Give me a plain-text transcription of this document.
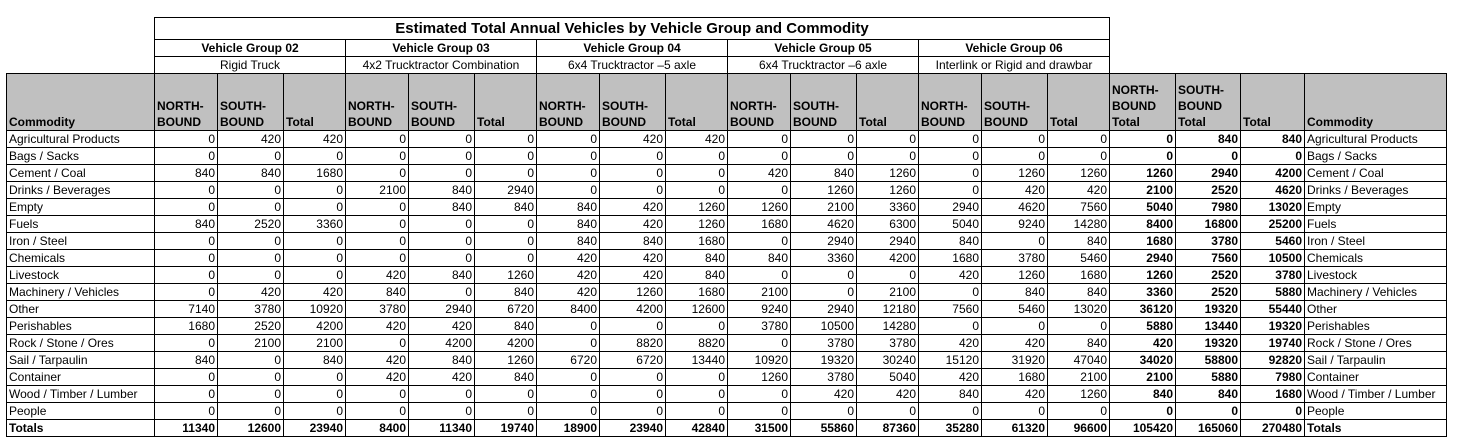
	Estimated Total Annual Vehicles by Vehicle Group and Commodity																		
	Vehicle Group 02			Vehicle Group 03			Vehicle Group 04			Vehicle Group 05			Vehicle Group 06						
	Rigid Truck			4x2 Trucktractor Combination			6x4 Trucktractor –5 axle			6x4 Trucktractor –6 axle			Interlink or Rigid and drawbar						
Commodity	NORTH-BOUND	SOUTH-BOUND	Total	NORTH-BOUND	SOUTH-BOUND	Total	NORTH-BOUND	SOUTH-BOUND	Total	NORTH-BOUND	SOUTH-BOUND	Total	NORTH-BOUND	SOUTH-BOUND	Total	NORTH-BOUND Total	SOUTH-BOUND Total	Total	Commodity
Agricultural Products	0	420	420	0	0	0	0	420	420	0	0	0	0	0	0	0	840	840	Agricultural Products
Bags / Sacks	0	0	0	0	0	0	0	0	0	0	0	0	0	0	0	0	0	0	Bags / Sacks
Cement / Coal	840	840	1680	0	0	0	0	0	0	420	840	1260	0	1260	1260	1260	2940	4200	Cement / Coal
Drinks / Beverages	0	0	0	2100	840	2940	0	0	0	0	1260	1260	0	420	420	2100	2520	4620	Drinks / Beverages
Empty	0	0	0	0	840	840	840	420	1260	1260	2100	3360	2940	4620	7560	5040	7980	13020	Empty
Fuels	840	2520	3360	0	0	0	840	420	1260	1680	4620	6300	5040	9240	14280	8400	16800	25200	Fuels
Iron / Steel	0	0	0	0	0	0	840	840	1680	0	2940	2940	840	0	840	1680	3780	5460	Iron / Steel
Chemicals	0	0	0	0	0	0	420	420	840	840	3360	4200	1680	3780	5460	2940	7560	10500	Chemicals
Livestock	0	0	0	420	840	1260	420	420	840	0	0	0	420	1260	1680	1260	2520	3780	Livestock
Machinery / Vehicles	0	420	420	840	0	840	420	1260	1680	2100	0	2100	0	840	840	3360	2520	5880	Machinery / Vehicles
Other	7140	3780	10920	3780	2940	6720	8400	4200	12600	9240	2940	12180	7560	5460	13020	36120	19320	55440	Other
Perishables	1680	2520	4200	420	420	840	0	0	0	3780	10500	14280	0	0	0	5880	13440	19320	Perishables
Rock / Stone / Ores	0	2100	2100	0	4200	4200	0	8820	8820	0	3780	3780	420	420	840	420	19320	19740	Rock / Stone / Ores
Sail / Tarpaulin	840	0	840	420	840	1260	6720	6720	13440	10920	19320	30240	15120	31920	47040	34020	58800	92820	Sail / Tarpaulin
Container	0	0	0	420	420	840	0	0	0	1260	3780	5040	420	1680	2100	2100	5880	7980	Container
Wood / Timber / Lumber	0	0	0	0	0	0	0	0	0	0	420	420	840	420	1260	840	840	1680	Wood / Timber / Lumber
People	0	0	0	0	0	0	0	0	0	0	0	0	0	0	0	0	0	0	People
Totals	11340	12600	23940	8400	11340	19740	18900	23940	42840	31500	55860	87360	35280	61320	96600	105420	165060	270480	Totals
